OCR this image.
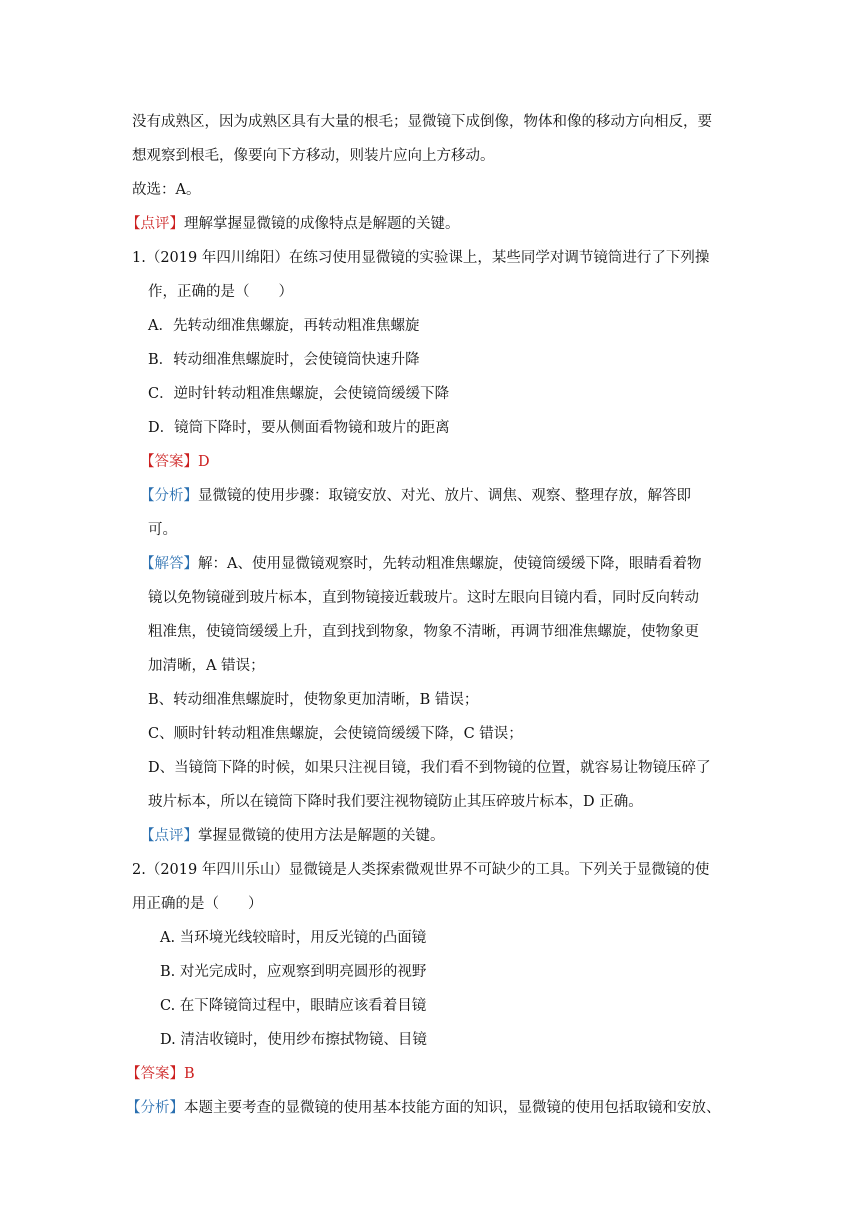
没有成熟区，因为成熟区具有大量的根毛；显微镜下成倒像，物体和像的移动方向相反，要
想观察到根毛，像要向下方移动，则装片应向上方移动。
故选：A。
【点评】理解掌握显微镜的成像特点是解题的关键。
1.（2019 年四川绵阳）在练习使用显微镜的实验课上，某些同学对调节镜筒进行了下列操
作，正确的是（　　）
A．先转动细准焦螺旋，再转动粗准焦螺旋
B．转动细准焦螺旋时，会使镜筒快速升降
C．逆时针转动粗准焦螺旋，会使镜筒缓缓下降
D．镜筒下降时，要从侧面看物镜和玻片的距离
【答案】D
【分析】显微镜的使用步骤：取镜安放、对光、放片、调焦、观察、整理存放，解答即
可。
【解答】解：A、使用显微镜观察时，先转动粗准焦螺旋，使镜筒缓缓下降，眼睛看着物
镜以免物镜碰到玻片标本，直到物镜接近载玻片。这时左眼向目镜内看，同时反向转动
粗准焦，使镜筒缓缓上升，直到找到物象，物象不清晰，再调节细准焦螺旋，使物象更
加清晰，A 错误；
B、转动细准焦螺旋时，使物象更加清晰，B 错误；
C、顺时针转动粗准焦螺旋，会使镜筒缓缓下降，C 错误；
D、当镜筒下降的时候，如果只注视目镜，我们看不到物镜的位置，就容易让物镜压碎了
玻片标本，所以在镜筒下降时我们要注视物镜防止其压碎玻片标本，D 正确。
【点评】掌握显微镜的使用方法是解题的关键。
2.（2019 年四川乐山）显微镜是人类探索微观世界不可缺少的工具。下列关于显微镜的使
用正确的是（　　）
A. 当环境光线较暗时，用反光镜的凸面镜
B. 对光完成时，应观察到明亮圆形的视野
C. 在下降镜筒过程中，眼睛应该看着目镜
D. 清洁收镜时，使用纱布擦拭物镜、目镜
【答案】B
【分析】本题主要考查的显微镜的使用基本技能方面的知识，显微镜的使用包括取镜和安放、
